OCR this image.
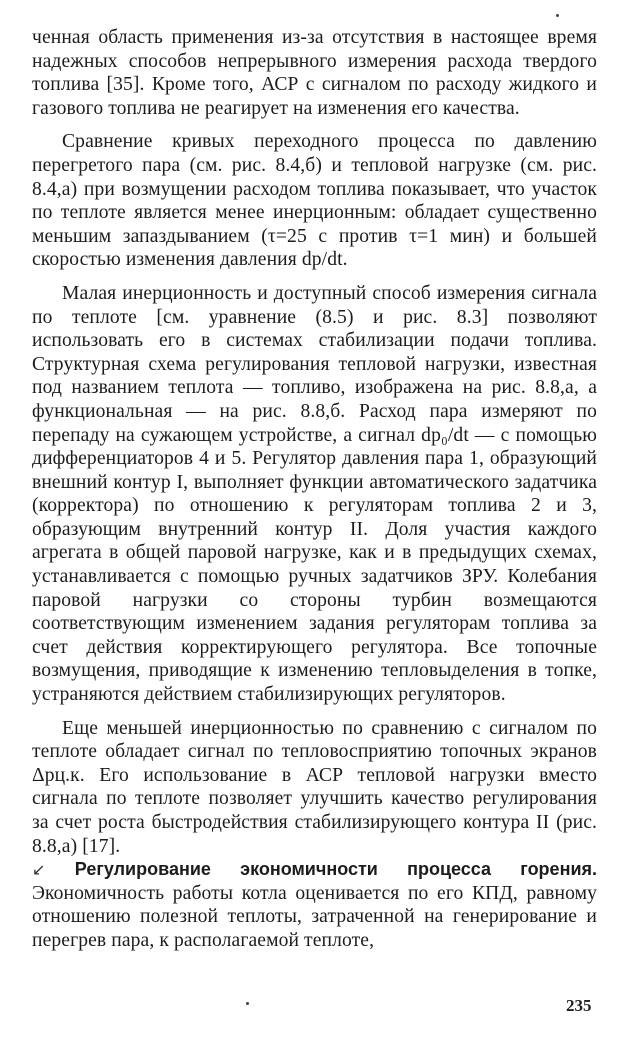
ченная область применения из-за отсутствия в настоящее время надежных способов непрерывного измерения расхода твердого топлива [35]. Кроме того, АСР с сигналом по расходу жидкого и газового топлива не реагирует на изменения его качества.

Сравнение кривых переходного процесса по давлению перегретого пара (см. рис. 8.4,б) и тепловой нагрузке (см. рис. 8.4,а) при возмущении расходом топлива показывает, что участок по теплоте является менее инерционным: обладает существенно меньшим запаздыванием (τ=25 с против τ=1 мин) и большей скоростью изменения давления dp/dt.

Малая инерционность и доступный способ измерения сигнала по теплоте [см. уравнение (8.5) и рис. 8.3] позволяют использовать его в системах стабилизации подачи топлива. Структурная схема регулирования тепловой нагрузки, известная под названием теплота — топливо, изображена на рис. 8.8,а, а функциональная — на рис. 8.8,б. Расход пара измеряют по перепаду на сужающем устройстве, а сигнал dp₀/dt — с помощью дифференциаторов 4 и 5. Регулятор давления пара 1, образующий внешний контур I, выполняет функции автоматического задатчика (корректора) по отношению к регуляторам топлива 2 и 3, образующим внутренний контур II. Доля участия каждого агрегата в общей паровой нагрузке, как и в предыдущих схемах, устанавливается с помощью ручных задатчиков ЗРУ. Колебания паровой нагрузки со стороны турбин возмещаются соответствующим изменением задания регуляторам топлива за счет действия корректирующего регулятора. Все топочные возмущения, приводящие к изменению тепловыделения в топке, устраняются действием стабилизирующих регуляторов.

Еще меньшей инерционностью по сравнению с сигналом по теплоте обладает сигнал по тепловосприятию топочных экранов Δpц.к. Его использование в АСР тепловой нагрузки вместо сигнала по теплоте позволяет улучшить качество регулирования за счет роста быстродействия стабилизирующего контура II (рис. 8.8,а) [17].

↙ Регулирование экономичности процесса горения. Экономичность работы котла оценивается по его КПД, равному отношению полезной теплоты, затраченной на генерирование и перегрев пара, к располагаемой теплоте,

235
